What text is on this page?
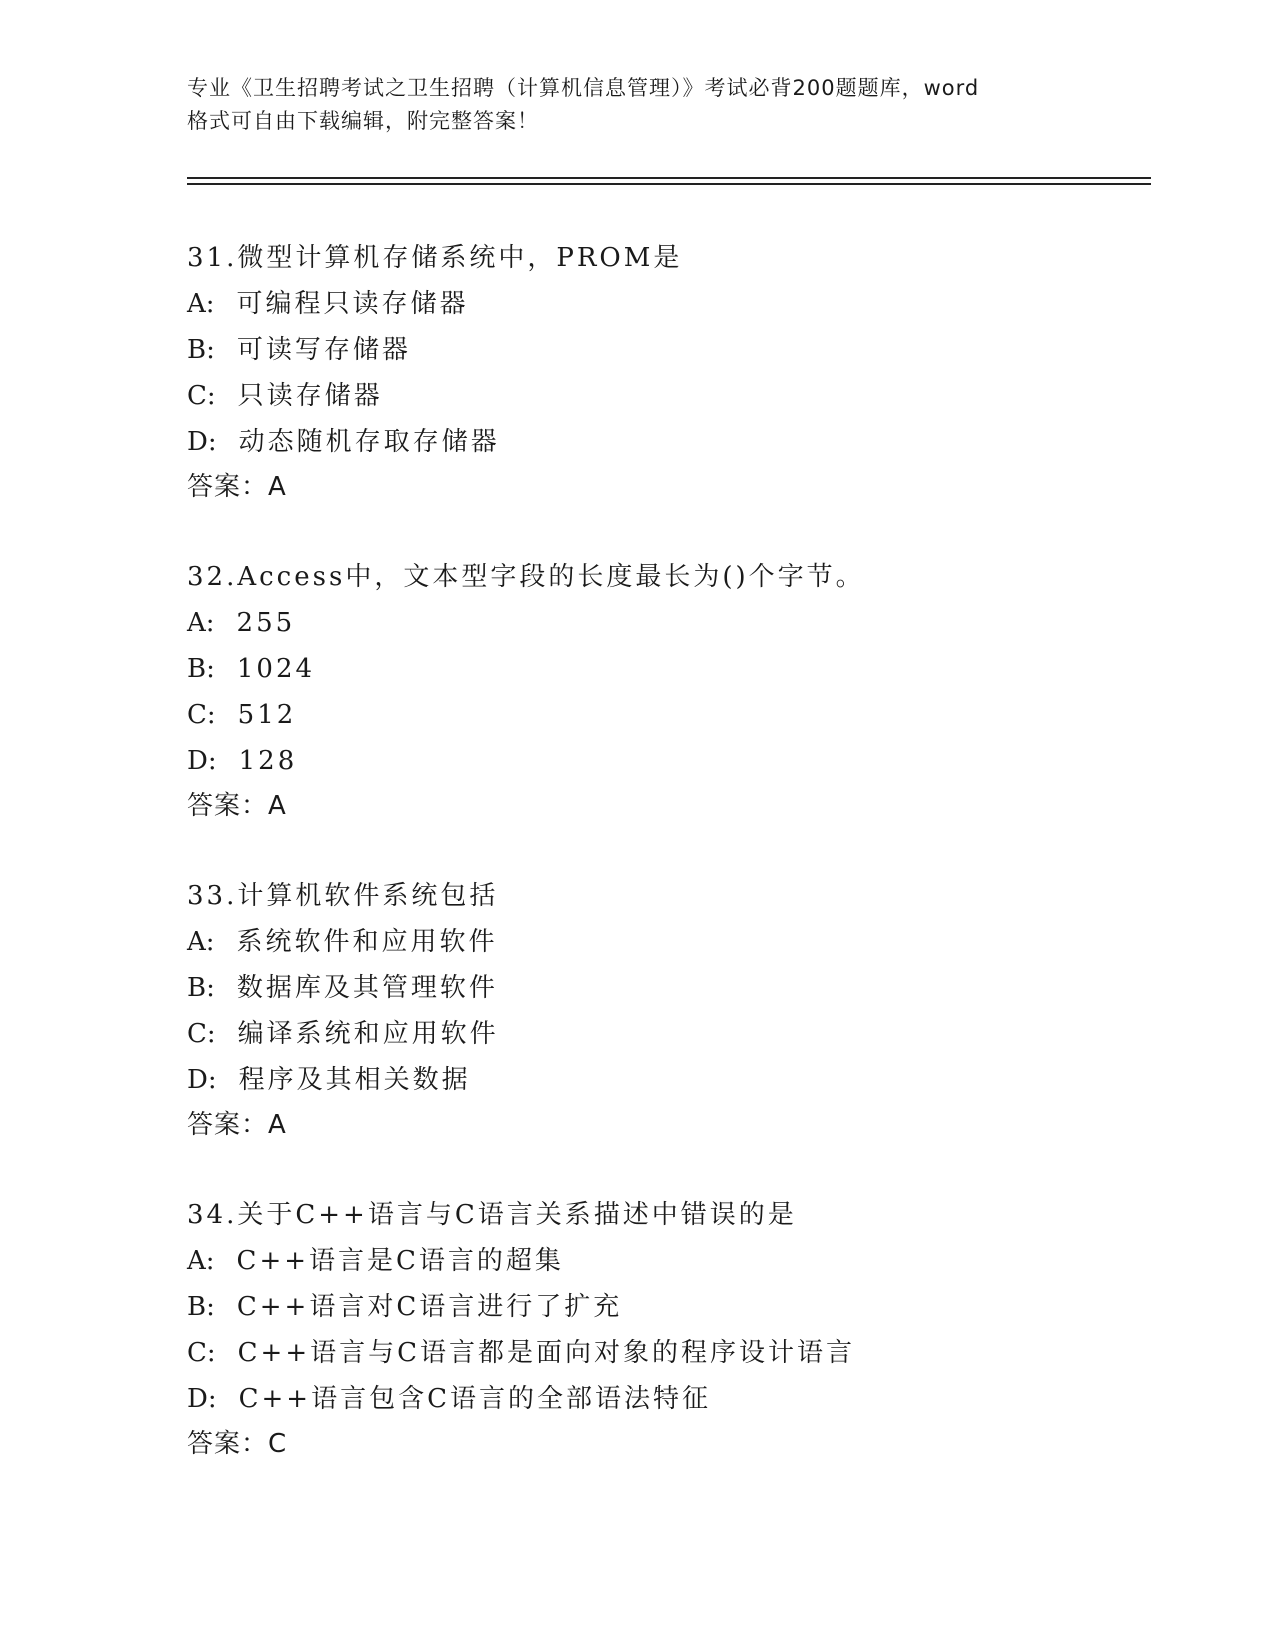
专业《卫生招聘考试之卫生招聘（计算机信息管理）》考试必背200题题库，word
格式可自由下载编辑，附完整答案！
31.微型计算机存储系统中，PROM是
A: 可编程只读存储器
B: 可读写存储器
C: 只读存储器
D: 动态随机存取存储器
答案：A
32.Access中，文本型字段的长度最长为()个字节。
A: 255
B: 1024
C: 512
D: 128
答案：A
33.计算机软件系统包括
A: 系统软件和应用软件
B: 数据库及其管理软件
C: 编译系统和应用软件
D: 程序及其相关数据
答案：A
34.关于C++语言与C语言关系描述中错误的是
A: C++语言是C语言的超集
B: C++语言对C语言进行了扩充
C: C++语言与C语言都是面向对象的程序设计语言
D: C++语言包含C语言的全部语法特征
答案：C
